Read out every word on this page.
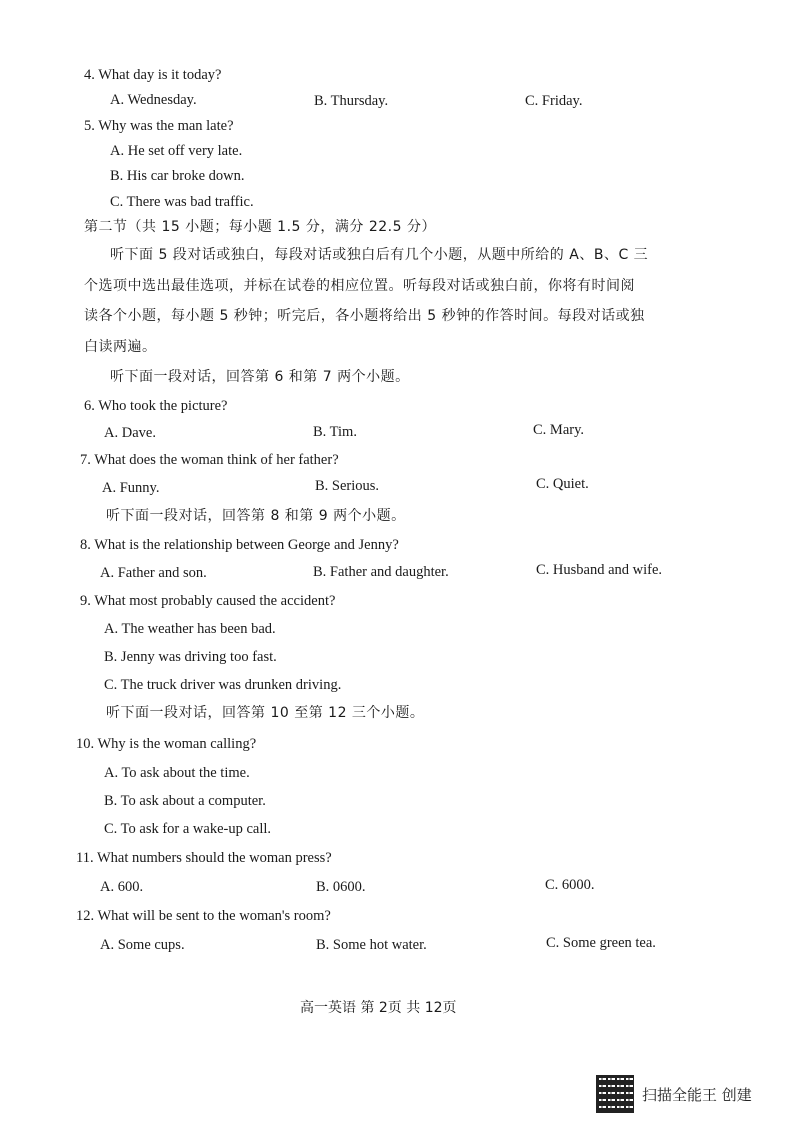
4. What day is it today?
A. Wednesday.	B. Thursday.	C. Friday.
5. Why was the man late?
A. He set off very late.
B. His car broke down.
C. There was bad traffic.
第二节（共 15 小题；每小题 1.5 分，满分 22.5 分）
听下面 5 段对话或独白，每段对话或独白后有几个小题，从题中所给的 A、B、C 三
个选项中选出最佳选项，并标在试卷的相应位置。听每段对话或独白前，你将有时间阅
读各个小题，每小题 5 秒钟；听完后，各小题将给出 5 秒钟的作答时间。每段对话或独
白读两遍。
听下面一段对话，回答第 6 和第 7 两个小题。
6. Who took the picture?
A. Dave.	B. Tim.	C. Mary.
7. What does the woman think of her father?
A. Funny.	B. Serious.	C. Quiet.
听下面一段对话，回答第 8 和第 9 两个小题。
8. What is the relationship between George and Jenny?
A. Father and son.	B. Father and daughter.	C. Husband and wife.
9. What most probably caused the accident?
A. The weather has been bad.
B. Jenny was driving too fast.
C. The truck driver was drunken driving.
听下面一段对话，回答第 10 至第 12 三个小题。
10. Why is the woman calling?
A. To ask about the time.
B. To ask about a computer.
C. To ask for a wake-up call.
11. What numbers should the woman press?
A. 600.	B. 0600.	C. 6000.
12. What will be sent to the woman's room?
A. Some cups.	B. Some hot water.	C. Some green tea.
高一英语 第 2页 共 12页
扫描全能王 创建
